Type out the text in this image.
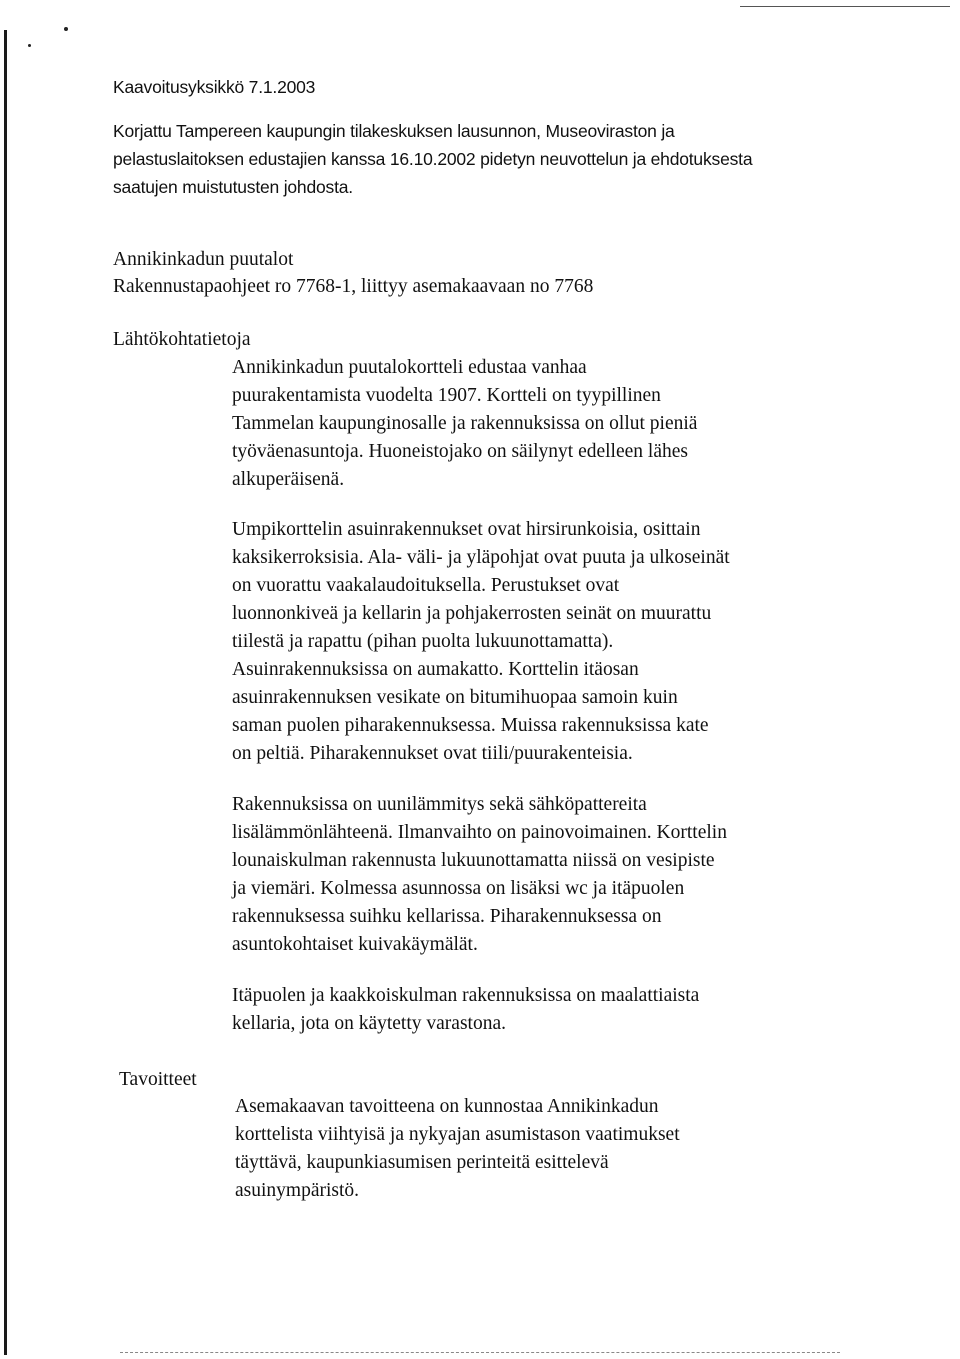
Kaavoitusyksikkö 7.1.2003

Korjattu Tampereen kaupungin tilakeskuksen lausunnon, Museoviraston ja
pelastuslaitoksen edustajien kanssa 16.10.2002 pidetyn neuvottelun ja ehdotuksesta
saatujen muistutusten johdosta.

Annikinkadun puutalot

Rakennustapaohjeet ro 7768-1, liittyy asemakaavaan no 7768

Lähtökohtatietoja

Annikinkadun puutalokortteli edustaa vanhaa
puurakentamista vuodelta 1907. Kortteli on tyypillinen
Tammelan kaupunginosalle ja rakennuksissa on ollut pieniä
työväenasuntoja. Huoneistojako on säilynyt edelleen lähes
alkuperäisenä.

Umpikorttelin asuinrakennukset ovat hirsirunkoisia, osittain
kaksikerroksisia. Ala- väli- ja yläpohjat ovat puuta ja ulkoseinät
on vuorattu vaakalaudoituksella. Perustukset ovat
luonnonkiveä ja kellarin ja pohjakerrosten seinät on muurattu
tiilestä ja rapattu (pihan puolta lukuunottamatta).
Asuinrakennuksissa on aumakatto. Korttelin itäosan
asuinrakennuksen vesikate on bitumihuopaa samoin kuin
saman puolen piharakennuksessa. Muissa rakennuksissa kate
on peltiä. Piharakennukset ovat tiili/puurakenteisia.

Rakennuksissa on uunilämmitys sekä sähköpattereita
lisälämmönlähteenä. Ilmanvaihto on painovoimainen. Korttelin
lounaiskulman rakennusta lukuunottamatta niissä on vesipiste
ja viemäri. Kolmessa asunnossa on lisäksi wc ja itäpuolen
rakennuksessa suihku kellarissa. Piharakennuksessa on
asuntokohtaiset kuivakäymälät.

Itäpuolen ja kaakkoiskulman rakennuksissa on maalattiaista
kellaria, jota on käytetty varastona.

Tavoitteet

Asemakaavan tavoitteena on kunnostaa Annikinkadun
korttelista viihtyisä ja nykyajan asumistason vaatimukset
täyttävä, kaupunkiasumisen perinteitä esittelevä
asuinympäristö.
